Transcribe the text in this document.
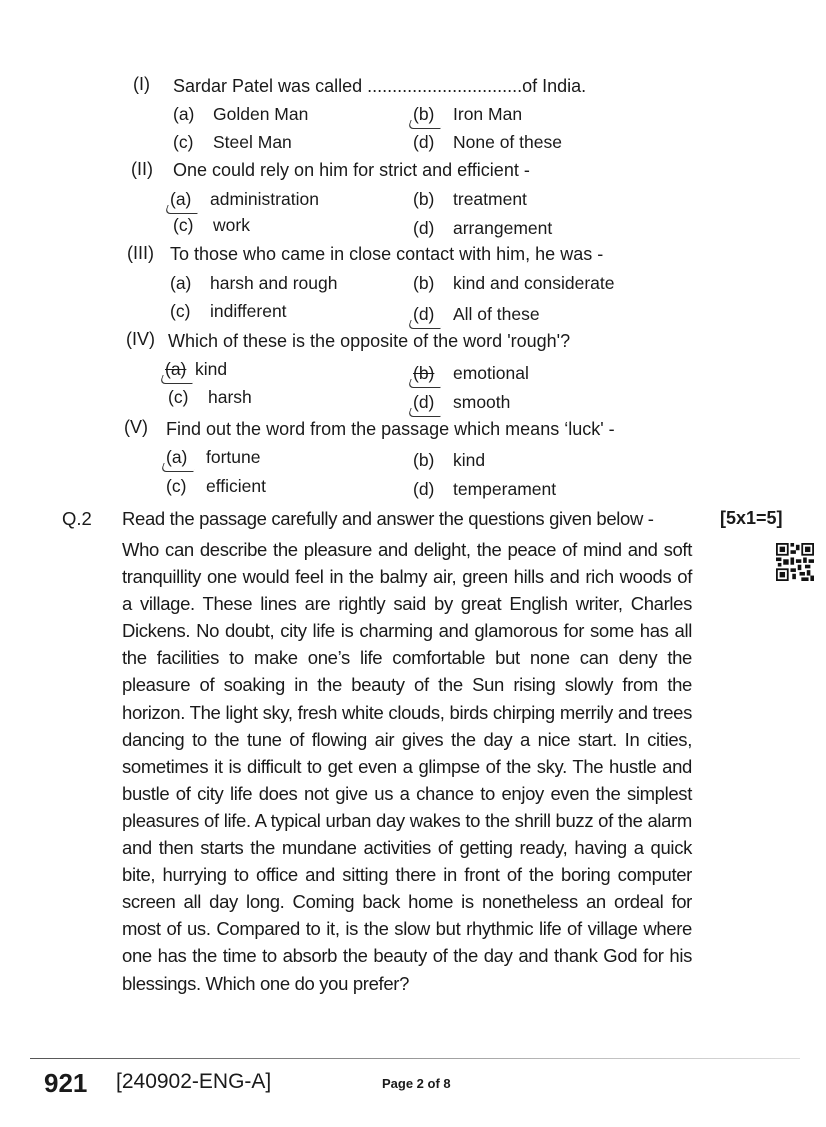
(I) Sardar Patel was called ...............................of India.
(a) Golden Man	(b) Iron Man
(c) Steel Man	(d) None of these
(II) One could rely on him for strict and efficient -
(a) administration	(b) treatment
(c) work	(d) arrangement
(III) To those who came in close contact with him, he was -
(a) harsh and rough	(b) kind and considerate
(c) indifferent	(d) All of these
(IV) Which of these is the opposite of the word 'rough'?
(a) kind	(b) emotional
(c) harsh	(d) smooth
(V) Find out the word from the passage which means ‘luck' -
(a) fortune	(b) kind
(c) efficient	(d) temperament
Q.2 Read the passage carefully and answer the questions given below -	[5x1=5]

Who can describe the pleasure and delight, the peace of mind and soft tranquillity one would feel in the balmy air, green hills and rich woods of a village. These lines are rightly said by great English writer, Charles Dickens. No doubt, city life is charming and glamorous for some has all the facilities to make one’s life comfortable but none can deny the pleasure of soaking in the beauty of the Sun rising slowly from the horizon. The light sky, fresh white clouds, birds chirping merrily and trees dancing to the tune of flowing air gives the day a nice start. In cities, sometimes it is difficult to get even a glimpse of the sky. The hustle and bustle of city life does not give us a chance to enjoy even the simplest pleasures of life. A typical urban day wakes to the shrill buzz of the alarm and then starts the mundane activities of getting ready, having a quick bite, hurrying to office and sitting there in front of the boring computer screen all day long. Coming back home is nonetheless an ordeal for most of us. Compared to it, is the slow but rhythmic life of village where one has the time to absorb the beauty of the day and thank God for his blessings. Which one do you prefer?

921 [240902-ENG-A]	Page 2 of 8
